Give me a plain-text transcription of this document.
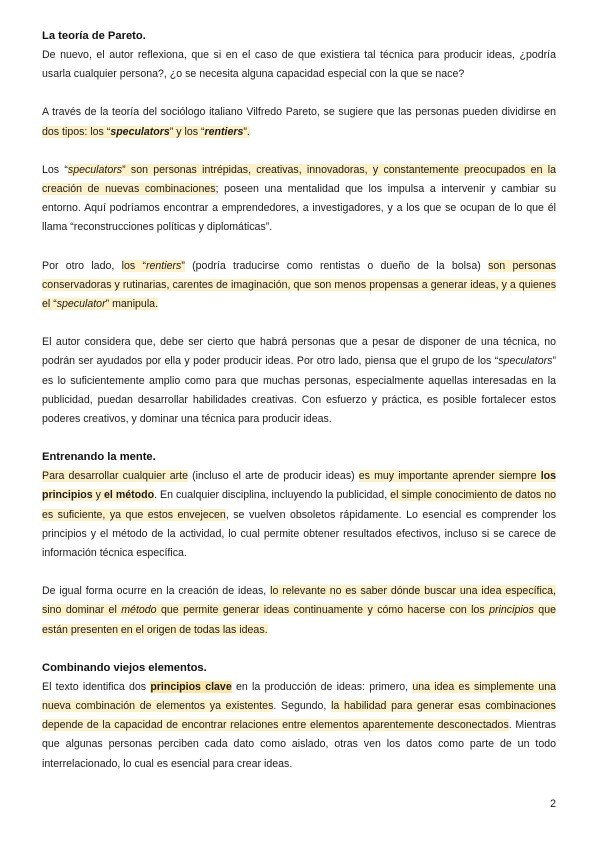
La teoría de Pareto.

De nuevo, el autor reflexiona, que si en el caso de que existiera tal técnica para producir ideas, ¿podría usarla cualquier persona?, ¿o se necesita alguna capacidad especial con la que se nace?

A través de la teoría del sociólogo italiano Vilfredo Pareto, se sugiere que las personas pueden dividirse en dos tipos: los “speculators” y los “rentiers”.

Los “speculators” son personas intrépidas, creativas, innovadoras, y constantemente preocupados en la creación de nuevas combinaciones; poseen una mentalidad que los impulsa a intervenir y cambiar su entorno. Aquí podríamos encontrar a emprendedores, a investigadores, y a los que se ocupan de lo que él llama “reconstrucciones políticas y diplomáticas”.

Por otro lado, los “rentiers” (podría traducirse como rentistas o dueño de la bolsa) son personas conservadoras y rutinarias, carentes de imaginación, que son menos propensas a generar ideas, y a quienes el “speculator” manipula.

El autor considera que, debe ser cierto que habrá personas que a pesar de disponer de una técnica, no podrán ser ayudados por ella y poder producir ideas. Por otro lado, piensa que el grupo de los “speculators” es lo suficientemente amplio como para que muchas personas, especialmente aquellas interesadas en la publicidad, puedan desarrollar habilidades creativas. Con esfuerzo y práctica, es posible fortalecer estos poderes creativos, y dominar una técnica para producir ideas.

Entrenando la mente.

Para desarrollar cualquier arte (incluso el arte de producir ideas) es muy importante aprender siempre los principios y el método. En cualquier disciplina, incluyendo la publicidad, el simple conocimiento de datos no es suficiente, ya que estos envejecen, se vuelven obsoletos rápidamente. Lo esencial es comprender los principios y el método de la actividad, lo cual permite obtener resultados efectivos, incluso si se carece de información técnica específica.

De igual forma ocurre en la creación de ideas, lo relevante no es saber dónde buscar una idea específica, sino dominar el método que permite generar ideas continuamente y cómo hacerse con los principios que están presenten en el origen de todas las ideas.

Combinando viejos elementos.

El texto identifica dos principios clave en la producción de ideas: primero, una idea es simplemente una nueva combinación de elementos ya existentes. Segundo, la habilidad para generar esas combinaciones depende de la capacidad de encontrar relaciones entre elementos aparentemente desconectados. Mientras que algunas personas perciben cada dato como aislado, otras ven los datos como parte de un todo interrelacionado, lo cual es esencial para crear ideas.

2
